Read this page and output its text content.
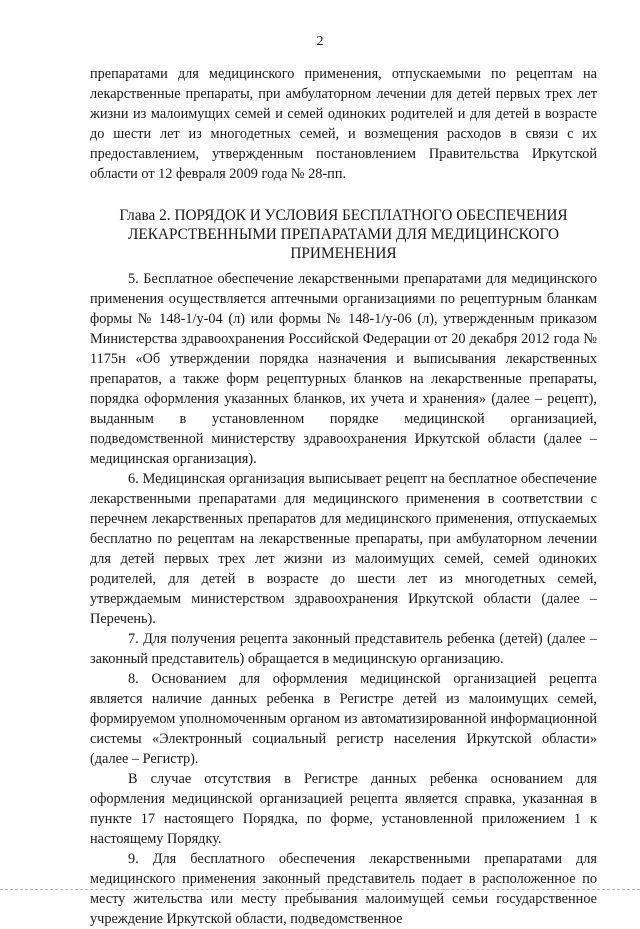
2

препаратами для медицинского применения, отпускаемыми по рецептам на лекарственные препараты, при амбулаторном лечении для детей первых трех лет жизни из малоимущих семей и семей одиноких родителей и для детей в возрасте до шести лет из многодетных семей, и возмещения расходов в связи с их предоставлением, утвержденным постановлением Правительства Иркутской области от 12 февраля 2009 года № 28-пп.

Глава 2. ПОРЯДОК И УСЛОВИЯ БЕСПЛАТНОГО ОБЕСПЕЧЕНИЯ
ЛЕКАРСТВЕННЫМИ ПРЕПАРАТАМИ ДЛЯ МЕДИЦИНСКОГО
ПРИМЕНЕНИЯ

5. Бесплатное обеспечение лекарственными препаратами для медицинского применения осуществляется аптечными организациями по рецептурным бланкам формы № 148-1/у-04 (л) или формы № 148-1/у-06 (л), утвержденным приказом Министерства здравоохранения Российской Федерации от 20 декабря 2012 года № 1175н «Об утверждении порядка назначения и выписывания лекарственных препаратов, а также форм рецептурных бланков на лекарственные препараты, порядка оформления указанных бланков, их учета и хранения» (далее – рецепт), выданным в установленном порядке медицинской организацией, подведомственной министерству здравоохранения Иркутской области (далее – медицинская организация).

6. Медицинская организация выписывает рецепт на бесплатное обеспечение лекарственными препаратами для медицинского применения в соответствии с перечнем лекарственных препаратов для медицинского применения, отпускаемых бесплатно по рецептам на лекарственные препараты, при амбулаторном лечении для детей первых трех лет жизни из малоимущих семей, семей одиноких родителей, для детей в возрасте до шести лет из многодетных семей, утверждаемым министерством здравоохранения Иркутской области (далее – Перечень).

7. Для получения рецепта законный представитель ребенка (детей) (далее – законный представитель) обращается в медицинскую организацию.

8. Основанием для оформления медицинской организацией рецепта является наличие данных ребенка в Регистре детей из малоимущих семей, формируемом уполномоченным органом из автоматизированной информационной системы «Электронный социальный регистр населения Иркутской области» (далее – Регистр).

В случае отсутствия в Регистре данных ребенка основанием для оформления медицинской организацией рецепта является справка, указанная в пункте 17 настоящего Порядка, по форме, установленной приложением 1 к настоящему Порядку.

9. Для бесплатного обеспечения лекарственными препаратами для медицинского применения законный представитель подает в расположенное по месту жительства или месту пребывания малоимущей семьи государственное учреждение Иркутской области, подведомственное
